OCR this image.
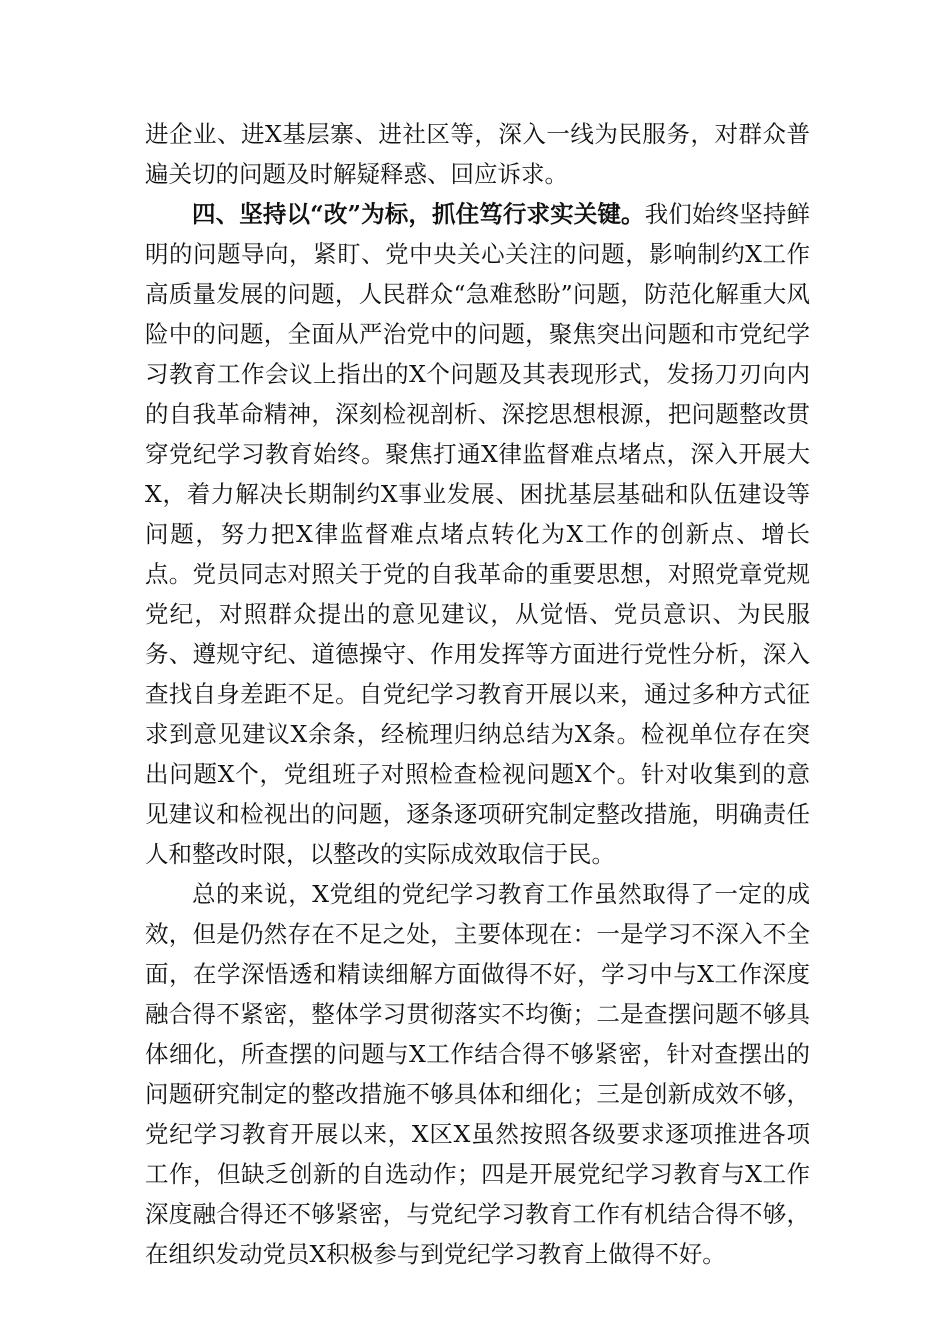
进企业、进X基层寨、进社区等，深入一线为民服务，对群众普遍关切的问题及时解疑释惑、回应诉求。

四、坚持以“改”为标，抓住笃行求实关键。我们始终坚持鲜明的问题导向，紧盯、党中央关心关注的问题，影响制约X工作高质量发展的问题，人民群众“急难愁盼”问题，防范化解重大风险中的问题，全面从严治党中的问题，聚焦突出问题和市党纪学习教育工作会议上指出的X个问题及其表现形式，发扬刀刃向内的自我革命精神，深刻检视剖析、深挖思想根源，把问题整改贯穿党纪学习教育始终。聚焦打通X律监督难点堵点，深入开展大X，着力解决长期制约X事业发展、困扰基层基础和队伍建设等问题，努力把X律监督难点堵点转化为X工作的创新点、增长点。党员同志对照关于党的自我革命的重要思想，对照党章党规党纪，对照群众提出的意见建议，从觉悟、党员意识、为民服务、遵规守纪、道德操守、作用发挥等方面进行党性分析，深入查找自身差距不足。自党纪学习教育开展以来，通过多种方式征求到意见建议X余条，经梳理归纳总结为X条。检视单位存在突出问题X个，党组班子对照检查检视问题X个。针对收集到的意见建议和检视出的问题，逐条逐项研究制定整改措施，明确责任人和整改时限，以整改的实际成效取信于民。

总的来说，X党组的党纪学习教育工作虽然取得了一定的成效，但是仍然存在不足之处，主要体现在：一是学习不深入不全面，在学深悟透和精读细解方面做得不好，学习中与X工作深度融合得不紧密，整体学习贯彻落实不均衡；二是查摆问题不够具体细化，所查摆的问题与X工作结合得不够紧密，针对查摆出的问题研究制定的整改措施不够具体和细化；三是创新成效不够，党纪学习教育开展以来，X区X虽然按照各级要求逐项推进各项工作，但缺乏创新的自选动作；四是开展党纪学习教育与X工作深度融合得还不够紧密，与党纪学习教育工作有机结合得不够，在组织发动党员X积极参与到党纪学习教育上做得不好。
